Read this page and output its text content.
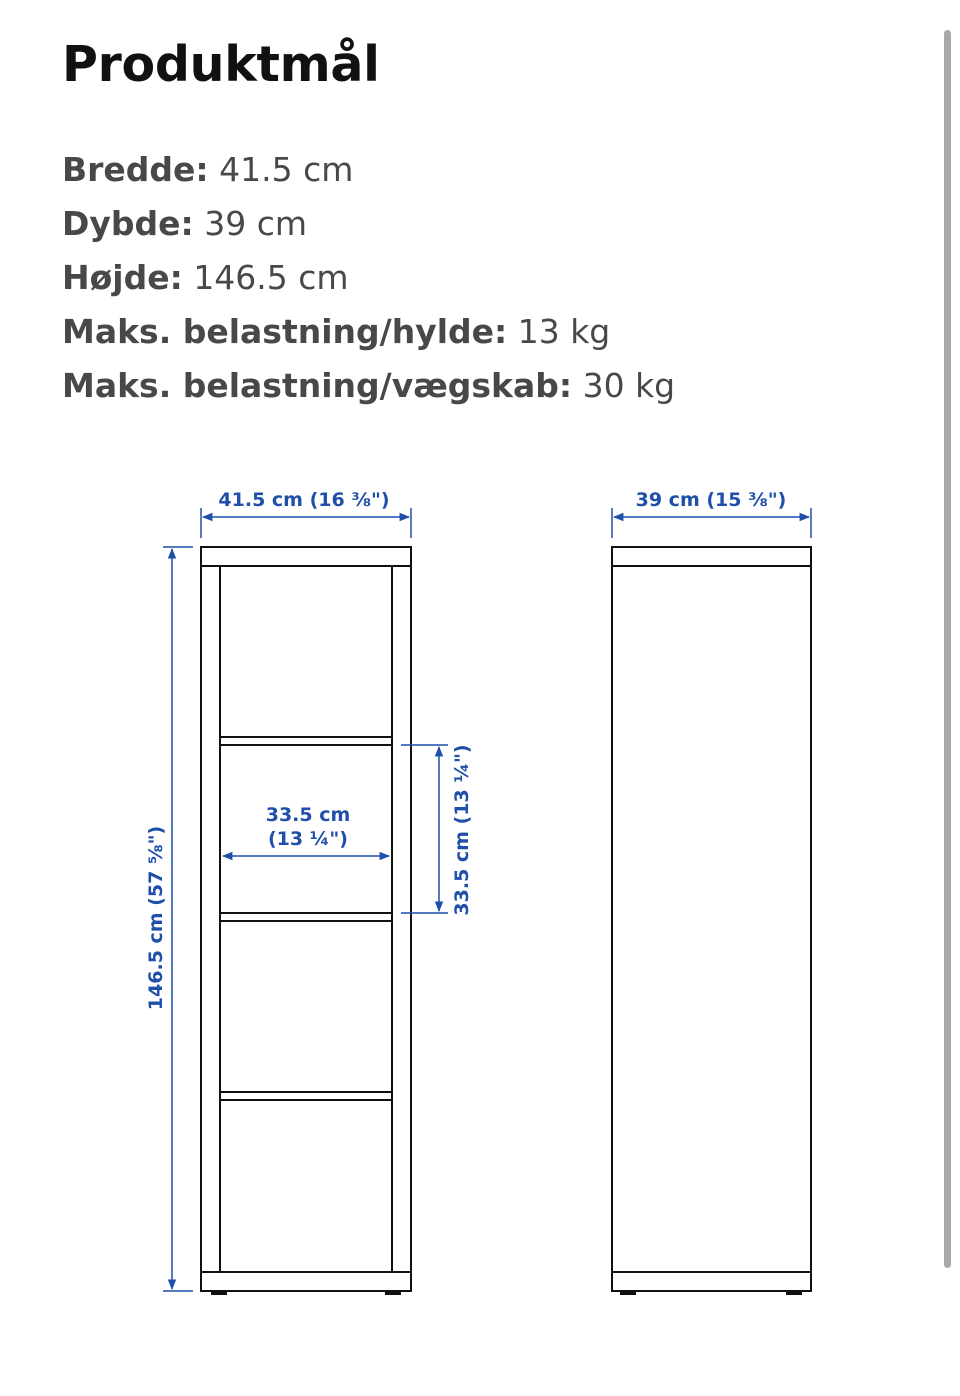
Produktmål
Bredde: 41.5 cm
Dybde: 39 cm
Højde: 146.5 cm
Maks. belastning/hylde: 13 kg
Maks. belastning/vægskab: 30 kg
41.5 cm (16 ⅜")
146.5 cm (57 ⅝")
33.5 cm
(13 ¼")	33.5 cm (13 ¼")
39 cm (15 ⅜")
